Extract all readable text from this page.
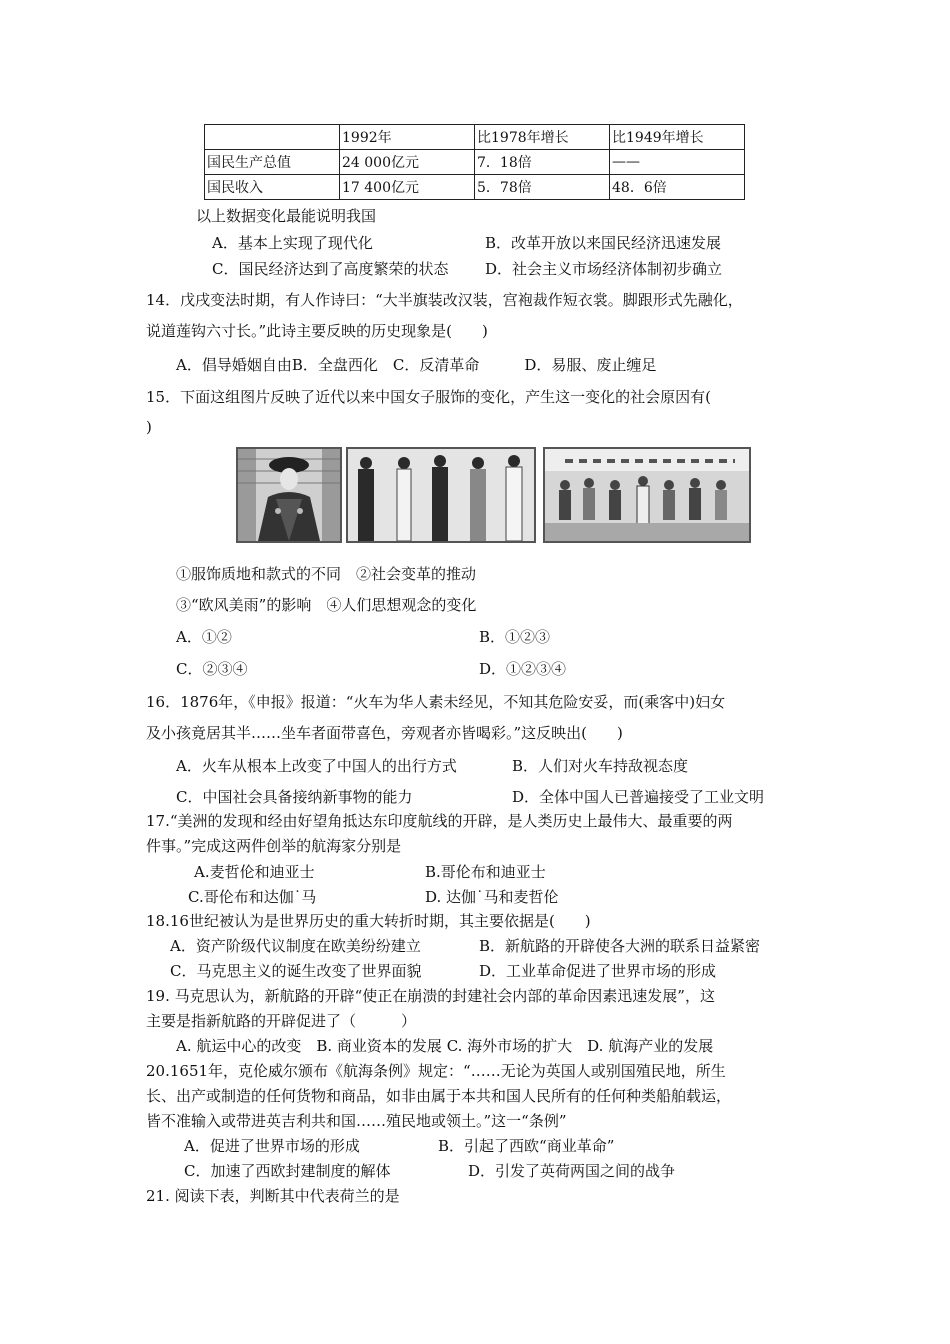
	1992年	比1978年增长	比1949年增长
国民生产总值	24 000亿元	7．18倍	——
国民收入	17 400亿元	5．78倍	48．6倍
以上数据变化最能说明我国
A．基本上实现了现代化	B．改革开放以来国民经济迅速发展
C．国民经济达到了高度繁荣的状态 D．社会主义市场经济体制初步确立
14．戊戌变法时期，有人作诗曰：“大半旗装改汉装，宫袍裁作短衣裳。脚跟形式先融化，
说道莲钩六寸长。”此诗主要反映的历史现象是(　　)
A．倡导婚姻自由B．全盘西化　C．反清革命　　　D．易服、废止缠足
15．下面这组图片反映了近代以来中国女子服饰的变化，产生这一变化的社会原因有(
)
①服饰质地和款式的不同　②社会变革的推动
③“欧风美雨”的影响　④人们思想观念的变化
A．①②	B．①②③
C．②③④	D．①②③④
16．1876年，《申报》报道：“火车为华人素未经见，不知其危险安妥，而(乘客中)妇女
及小孩竟居其半……坐车者面带喜色，旁观者亦皆喝彩。”这反映出(　　)
A．火车从根本上改变了中国人的出行方式	B．人们对火车持敌视态度
C．中国社会具备接纳新事物的能力	D．全体中国人已普遍接受了工业文明
17.“美洲的发现和经由好望角抵达东印度航线的开辟，是人类历史上最伟大、最重要的两
件事。”完成这两件创举的航海家分别是
A.麦哲伦和迪亚士	B.哥伦布和迪亚士
C.哥伦布和达伽˙马	D. 达伽˙马和麦哲伦
18.16世纪被认为是世界历史的重大转折时期，其主要依据是(　　)
A．资产阶级代议制度在欧美纷纷建立	B．新航路的开辟使各大洲的联系日益紧密
C．马克思主义的诞生改变了世界面貌	D．工业革命促进了世界市场的形成
19. 马克思认为，新航路的开辟“使正在崩溃的封建社会内部的革命因素迅速发展”，这
主要是指新航路的开辟促进了（　　　）
A. 航运中心的改变　B. 商业资本的发展 C. 海外市场的扩大　D. 航海产业的发展
20.1651年，克伦威尔颁布《航海条例》规定：“……无论为英国人或别国殖民地，所生
长、出产或制造的任何货物和商品，如非由属于本共和国人民所有的任何种类船舶载运，
皆不准输入或带进英吉利共和国……殖民地或领土。”这一“条例”
A．促进了世界市场的形成	B．引起了西欧“商业革命”
C．加速了西欧封建制度的解体	D．引发了英荷两国之间的战争
21. 阅读下表，判断其中代表荷兰的是
